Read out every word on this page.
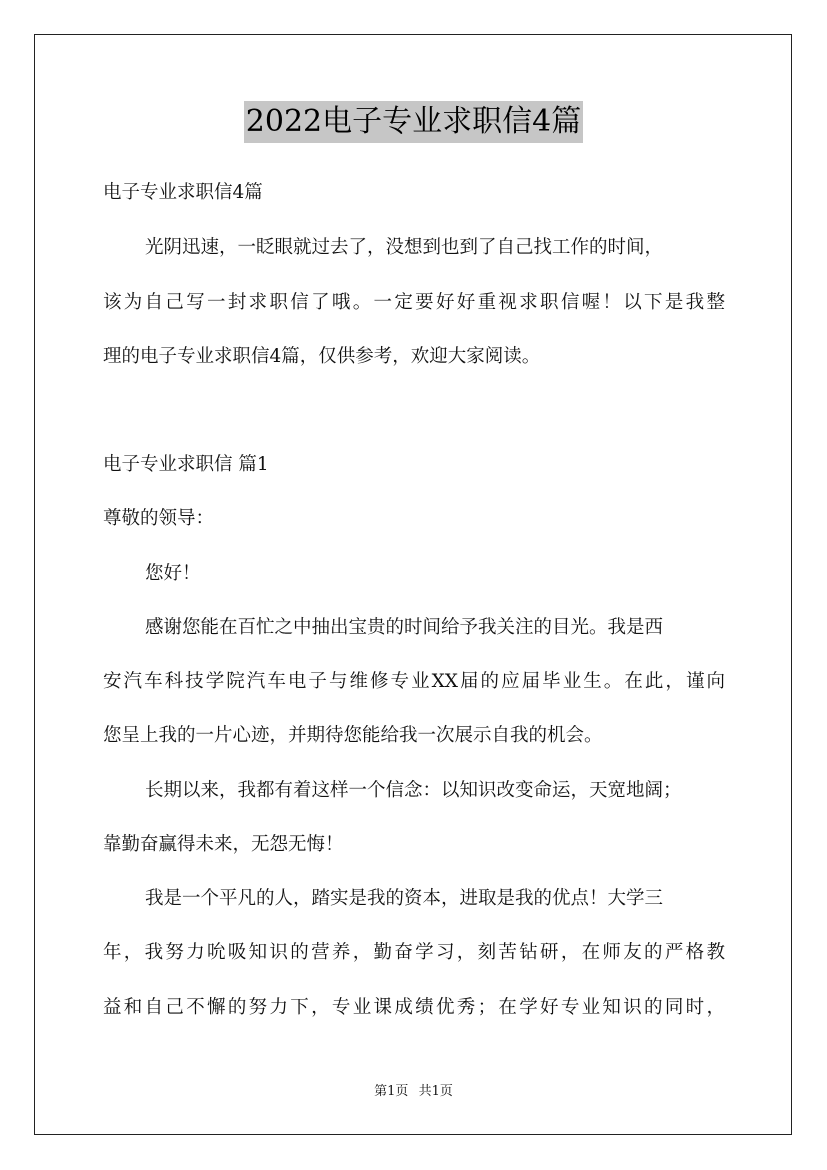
2022电子专业求职信4篇
电子专业求职信4篇
光阴迅速，一眨眼就过去了，没想到也到了自己找工作的时间，
该为自己写一封求职信了哦。一定要好好重视求职信喔！以下是我整
理的电子专业求职信4篇，仅供参考，欢迎大家阅读。
电子专业求职信 篇1
尊敬的领导：
您好！
感谢您能在百忙之中抽出宝贵的时间给予我关注的目光。我是西
安汽车科技学院汽车电子与维修专业XX届的应届毕业生。在此，谨向
您呈上我的一片心迹，并期待您能给我一次展示自我的机会。
长期以来，我都有着这样一个信念：以知识改变命运，天宽地阔；
靠勤奋赢得未来，无怨无悔！
我是一个平凡的人，踏实是我的资本，进取是我的优点！大学三
年，我努力吮吸知识的营养，勤奋学习，刻苦钻研，在师友的严格教
益和自己不懈的努力下，专业课成绩优秀；在学好专业知识的同时，
第1页 共1页
